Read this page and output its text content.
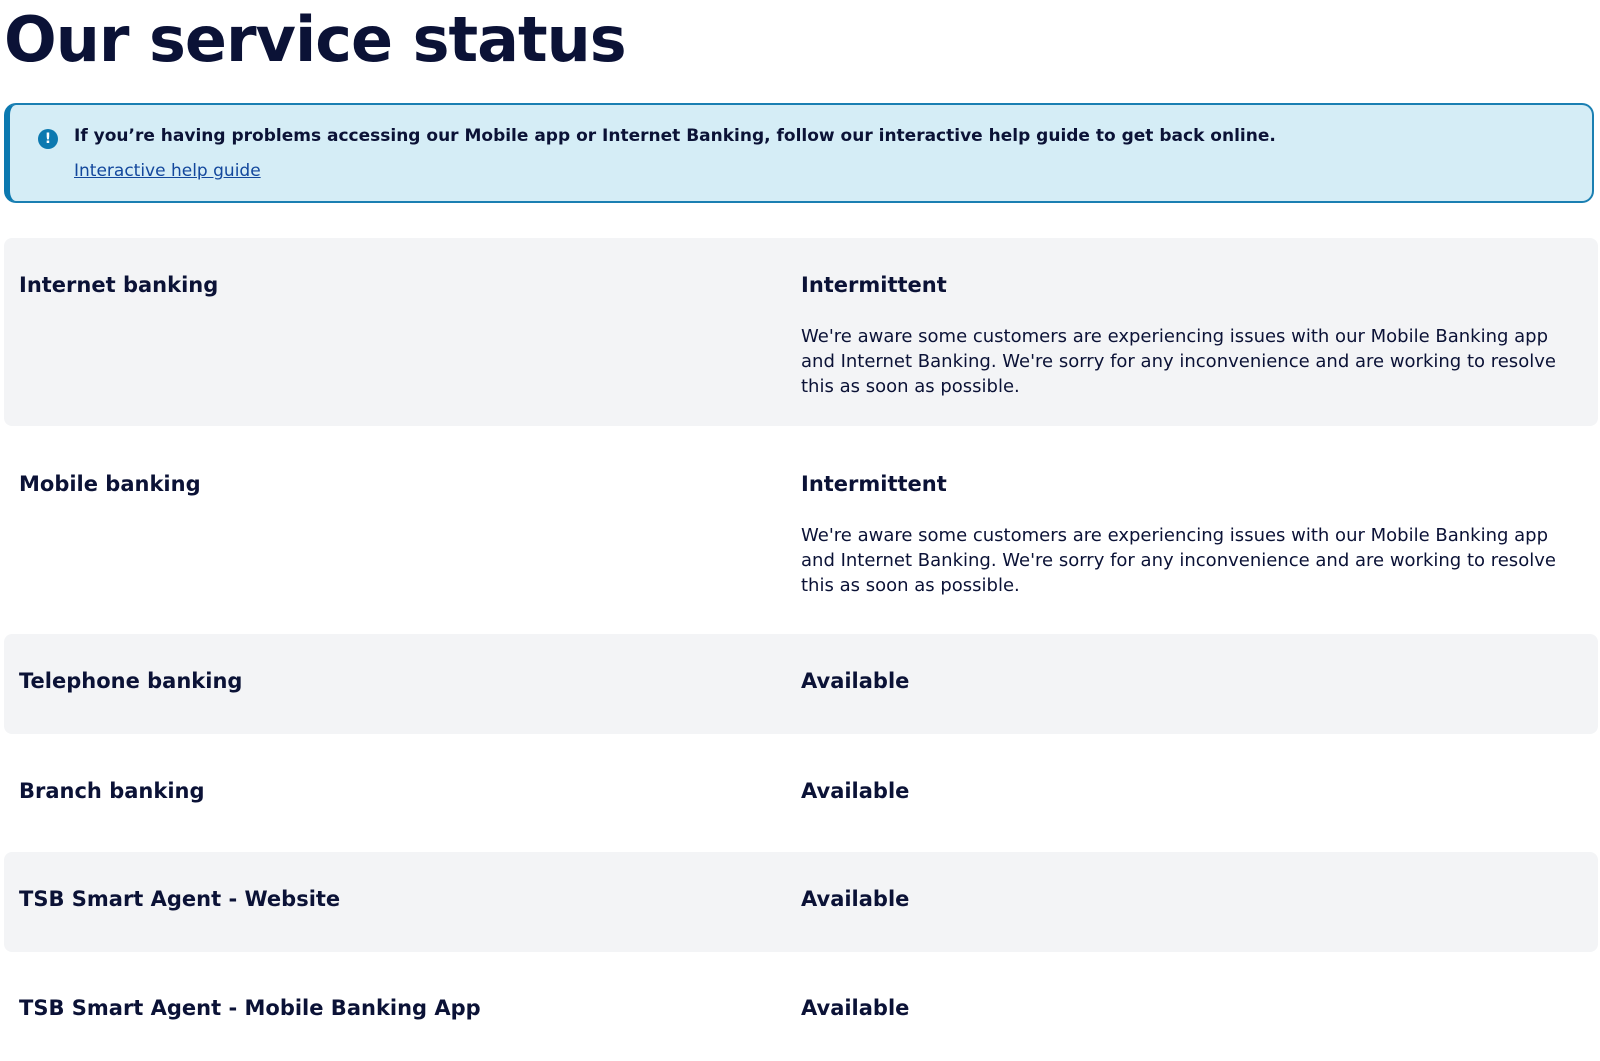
Our service status
!	If you’re having problems accessing our Mobile app or Internet Banking, follow our interactive help guide to get back online.
Interactive help guide
Internet banking	Intermittent

We're aware some customers are experiencing issues with our Mobile Banking app and Internet Banking. We're sorry for any inconvenience and are working to resolve this as soon as possible.

Mobile banking	Intermittent

We're aware some customers are experiencing issues with our Mobile Banking app and Internet Banking. We're sorry for any inconvenience and are working to resolve this as soon as possible.

Telephone banking	Available
Branch banking	Available
TSB Smart Agent - Website	Available
TSB Smart Agent - Mobile Banking App	Available
